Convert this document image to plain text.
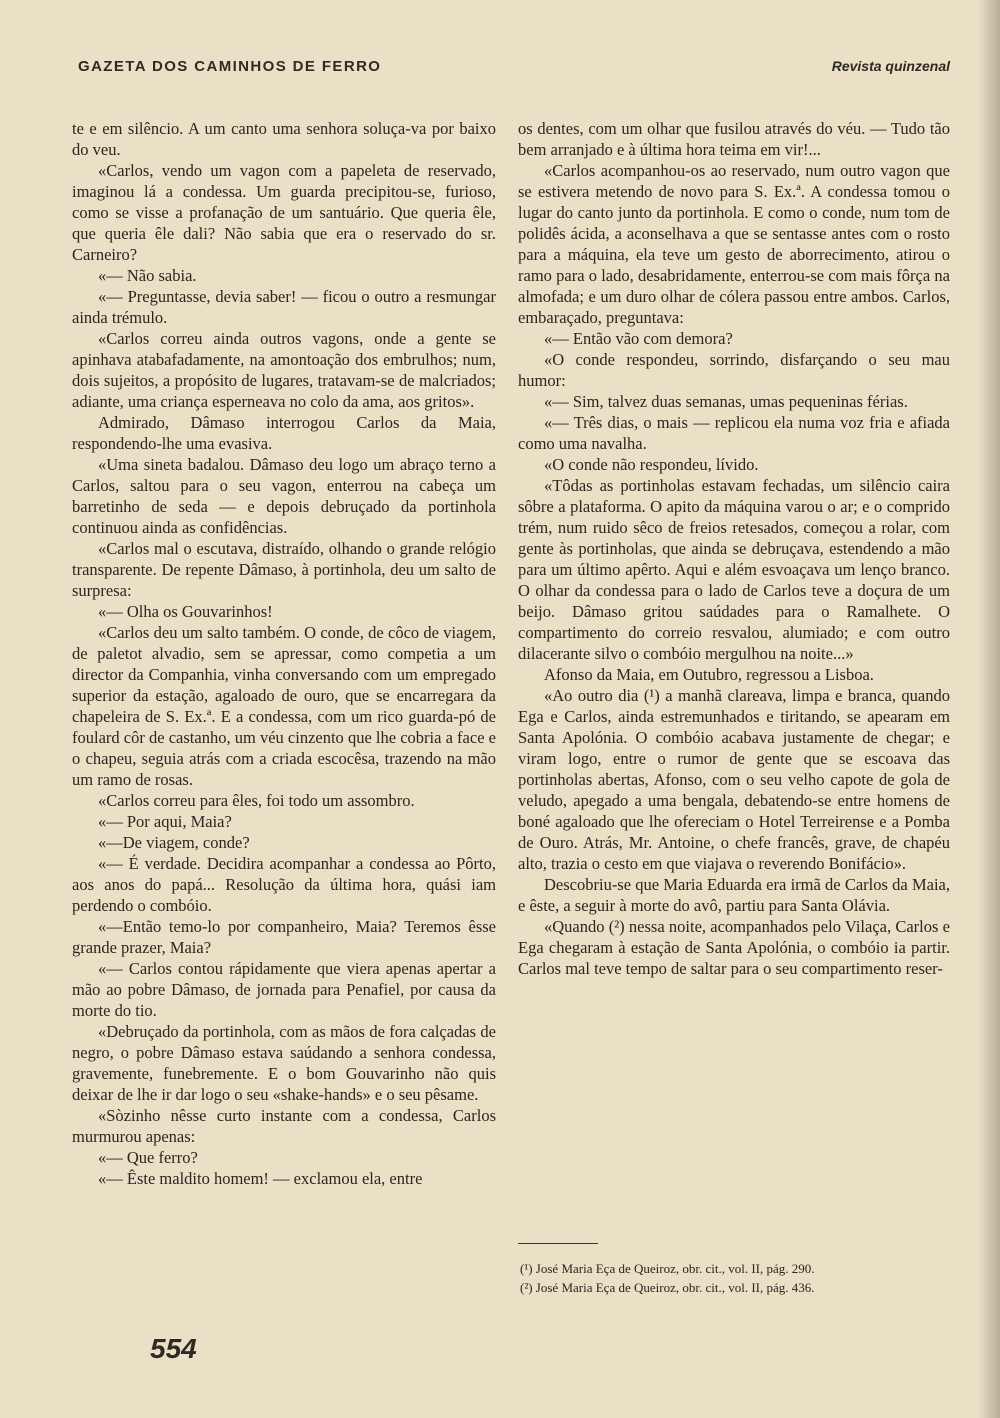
GAZETA DOS CAMINHOS DE FERRO	Revista quinzenal

te e em silêncio. A um canto uma senhora soluça-va por baixo do veu.

«Carlos, vendo um vagon com a papeleta de reservado, imaginou lá a condessa. Um guarda precipitou-se, furioso, como se visse a profanação de um santuário. Que queria êle, que queria êle dali? Não sabia que era o reservado do sr. Carneiro?

«— Não sabia.

«— Preguntasse, devia saber! — ficou o outro a resmungar ainda trémulo.

«Carlos correu ainda outros vagons, onde a gente se apinhava atabafadamente, na amontoação dos embrulhos; num, dois sujeitos, a propósito de lugares, tratavam-se de malcriados; adiante, uma criança esperneava no colo da ama, aos gritos».

Admirado, Dâmaso interrogou Carlos da Maia, respondendo-lhe uma evasiva.

«Uma sineta badalou. Dâmaso deu logo um abraço terno a Carlos, saltou para o seu vagon, enterrou na cabeça um barretinho de seda — e depois debruçado da portinhola continuou ainda as confidências.

«Carlos mal o escutava, distraído, olhando o grande relógio transparente. De repente Dâmaso, à portinhola, deu um salto de surpresa:

«— Olha os Gouvarinhos!

«Carlos deu um salto também. O conde, de côco de viagem, de paletot alvadio, sem se apressar, como competia a um director da Companhia, vinha conversando com um empregado superior da estação, agaloado de ouro, que se encarregara da chapeleira de S. Ex.ª. E a condessa, com um rico guarda-pó de foulard côr de castanho, um véu cinzento que lhe cobria a face e o chapeu, seguia atrás com a criada escocêsa, trazendo na mão um ramo de rosas.

«Carlos correu para êles, foi todo um assombro.

«— Por aqui, Maia?

«—De viagem, conde?

«— É verdade. Decidira acompanhar a condessa ao Pôrto, aos anos do papá... Resolução da última hora, quási iam perdendo o combóio.

«—Então temo-lo por companheiro, Maia? Teremos êsse grande prazer, Maia?

«— Carlos contou rápidamente que viera apenas apertar a mão ao pobre Dâmaso, de jornada para Penafiel, por causa da morte do tio.

«Debruçado da portinhola, com as mãos de fora calçadas de negro, o pobre Dâmaso estava saúdando a senhora condessa, gravemente, funebremente. E o bom Gouvarinho não quis deixar de lhe ir dar logo o seu «shake-hands» e o seu pêsame.

«Sòzinho nêsse curto instante com a condessa, Carlos murmurou apenas:

«— Que ferro?

«— Êste maldito homem! — exclamou ela, entre

os dentes, com um olhar que fusilou através do véu. — Tudo tão bem arranjado e à última hora teima em vir!...

«Carlos acompanhou-os ao reservado, num outro vagon que se estivera metendo de novo para S. Ex.ª. A condessa tomou o lugar do canto junto da portinhola. E como o conde, num tom de polidês ácida, a aconselhava a que se sentasse antes com o rosto para a máquina, ela teve um gesto de aborrecimento, atirou o ramo para o lado, desabridamente, enterrou-se com mais fôrça na almofada; e um duro olhar de cólera passou entre ambos. Carlos, embaraçado, preguntava:

«— Então vão com demora?

«O conde respondeu, sorrindo, disfarçando o seu mau humor:

«— Sim, talvez duas semanas, umas pequeninas férias.

«— Três dias, o mais — replicou ela numa voz fria e afiada como uma navalha.

«O conde não respondeu, lívido.

«Tôdas as portinholas estavam fechadas, um silêncio caira sôbre a plataforma. O apito da máquina varou o ar; e o comprido trém, num ruido sêco de freios retesados, começou a rolar, com gente às portinholas, que ainda se debruçava, estendendo a mão para um último apêrto. Aqui e além esvoaçava um lenço branco. O olhar da condessa para o lado de Carlos teve a doçura de um beijo. Dâmaso gritou saúdades para o Ramalhete. O compartimento do correio resvalou, alumiado; e com outro dilacerante silvo o combóio mergulhou na noite...»

Afonso da Maia, em Outubro, regressou a Lisboa.

«Ao outro dia (¹) a manhã clareava, limpa e branca, quando Ega e Carlos, ainda estremunhados e tiritando, se apearam em Santa Apolónia. O combóio acabava justamente de chegar; e viram logo, entre o rumor de gente que se escoava das portinholas abertas, Afonso, com o seu velho capote de gola de veludo, apegado a uma bengala, debatendo-se entre homens de boné agaloado que lhe ofereciam o Hotel Terreirense e a Pomba de Ouro. Atrás, Mr. Antoine, o chefe francês, grave, de chapéu alto, trazia o cesto em que viajava o reverendo Bonifácio».

Descobriu-se que Maria Eduarda era irmã de Carlos da Maia, e êste, a seguir à morte do avô, partiu para Santa Olávia.

«Quando (²) nessa noite, acompanhados pelo Vilaça, Carlos e Ega chegaram à estação de Santa Apolónia, o combóio ia partir. Carlos mal teve tempo de saltar para o seu compartimento reser-

(¹) José Maria Eça de Queiroz, obr. cit., vol. II, pág. 290.

(²) José Maria Eça de Queiroz, obr. cit., vol. II, pág. 436.

554
